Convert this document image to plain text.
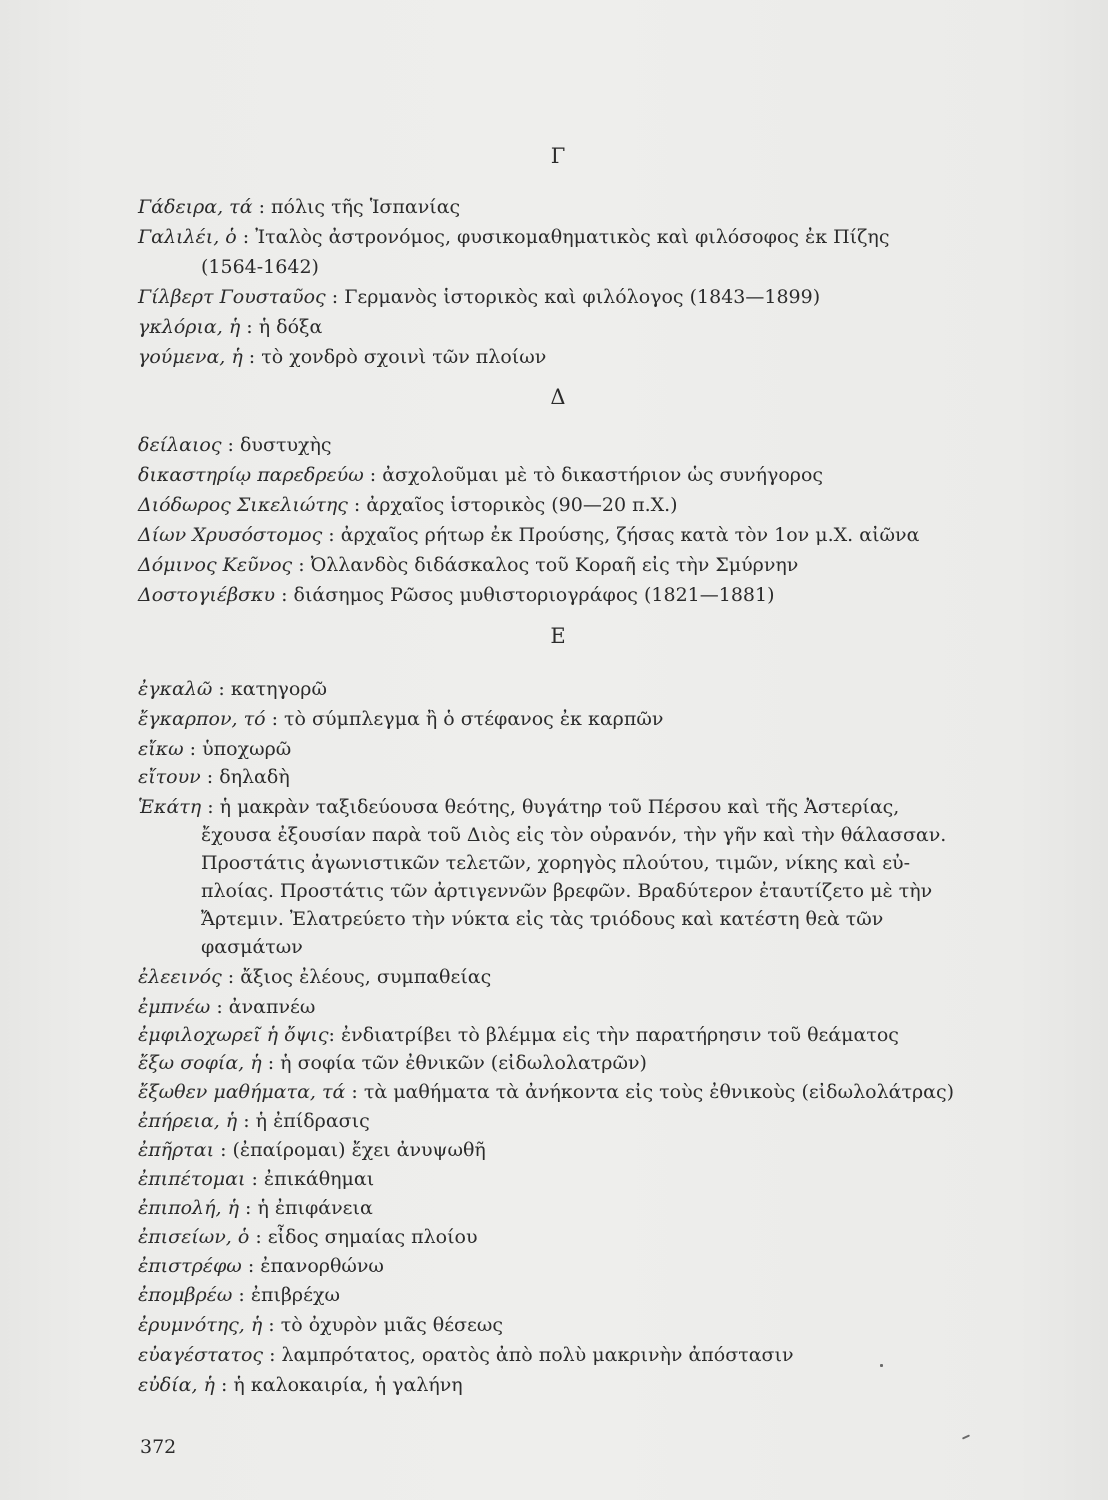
Γ
Γάδειρα, τά : πόλις τῆς Ἱσπανίας
Γαλιλέι, ὁ : Ἰταλὸς ἀστρονόμος, φυσικομαθηματικὸς καὶ φιλόσοφος ἐκ Πίζης
(1564-1642)
Γίλβερτ Γουσταῦος : Γερμανὸς ἱστορικὸς καὶ φιλόλογος (1843—1899)
γκλόρια, ἡ : ἡ δόξα
γούμενα, ἡ : τὸ χονδρὸ σχοινὶ τῶν πλοίων
Δ
δείλαιος : δυστυχὴς
δικαστηρίῳ παρεδρεύω : ἀσχολοῦμαι μὲ τὸ δικαστήριον ὡς συνήγορος
Διόδωρος Σικελιώτης : ἀρχαῖος ἱστορικὸς (90—20 π.Χ.)
Δίων Χρυσόστομος : ἀρχαῖος ρήτωρ ἐκ Προύσης, ζήσας κατὰ τὸν 1ον μ.Χ. αἰῶνα
Δόμινος Κεῦνος : Ὀλλανδὸς διδάσκαλος τοῦ Κοραῆ εἰς τὴν Σμύρνην
Δοστογιέβσκυ : διάσημος Ρῶσος μυθιστοριογράφος (1821—1881)
Ε
ἐγκαλῶ : κατηγορῶ
ἔγκαρπον, τό : τὸ σύμπλεγμα ἢ ὁ στέφανος ἐκ καρπῶν
εἴκω : ὑποχωρῶ
εἴτουν : δηλαδὴ
Ἑκάτη : ἡ μακρὰν ταξιδεύουσα θεότης, θυγάτηρ τοῦ Πέρσου καὶ τῆς Ἀστερίας,
ἔχουσα ἐξουσίαν παρὰ τοῦ Διὸς εἰς τὸν οὐρανόν, τὴν γῆν καὶ τὴν θάλασσαν.
Προστάτις ἀγωνιστικῶν τελετῶν, χορηγὸς πλούτου, τιμῶν, νίκης καὶ εὐ-
πλοίας. Προστάτις τῶν ἀρτιγεννῶν βρεφῶν. Βραδύτερον ἐταυτίζετο μὲ τὴν
Ἄρτεμιν. Ἐλατρεύετο τὴν νύκτα εἰς τὰς τριόδους καὶ κατέστη θεὰ τῶν
φασμάτων
ἐλεεινός : ἄξιος ἐλέους, συμπαθείας
ἐμπνέω : ἀναπνέω
ἐμφιλοχωρεῖ ἡ ὄψις: ἐνδιατρίβει τὸ βλέμμα εἰς τὴν παρατήρησιν τοῦ θεάματος
ἔξω σοφία, ἡ : ἡ σοφία τῶν ἐθνικῶν (εἰδωλολατρῶν)
ἔξωθεν μαθήματα, τά : τὰ μαθήματα τὰ ἀνήκοντα εἰς τοὺς ἐθνικοὺς (εἰδωλολάτρας)
ἐπήρεια, ἡ : ἡ ἐπίδρασις
ἐπῆρται : (ἐπαίρομαι) ἔχει ἀνυψωθῆ
ἐπιπέτομαι : ἐπικάθημαι
ἐπιπολή, ἡ : ἡ ἐπιφάνεια
ἐπισείων, ὁ : εἶδος σημαίας πλοίου
ἐπιστρέφω : ἐπανορθώνω
ἐπομβρέω : ἐπιβρέχω
ἐρυμνότης, ἡ : τὸ ὀχυρὸν μιᾶς θέσεως
εὐαγέστατος : λαμπρότατος, ορατὸς ἀπὸ πολὺ μακρινὴν ἀπόστασιν
εὐδία, ἡ : ἡ καλοκαιρία, ἡ γαλήνη
372
